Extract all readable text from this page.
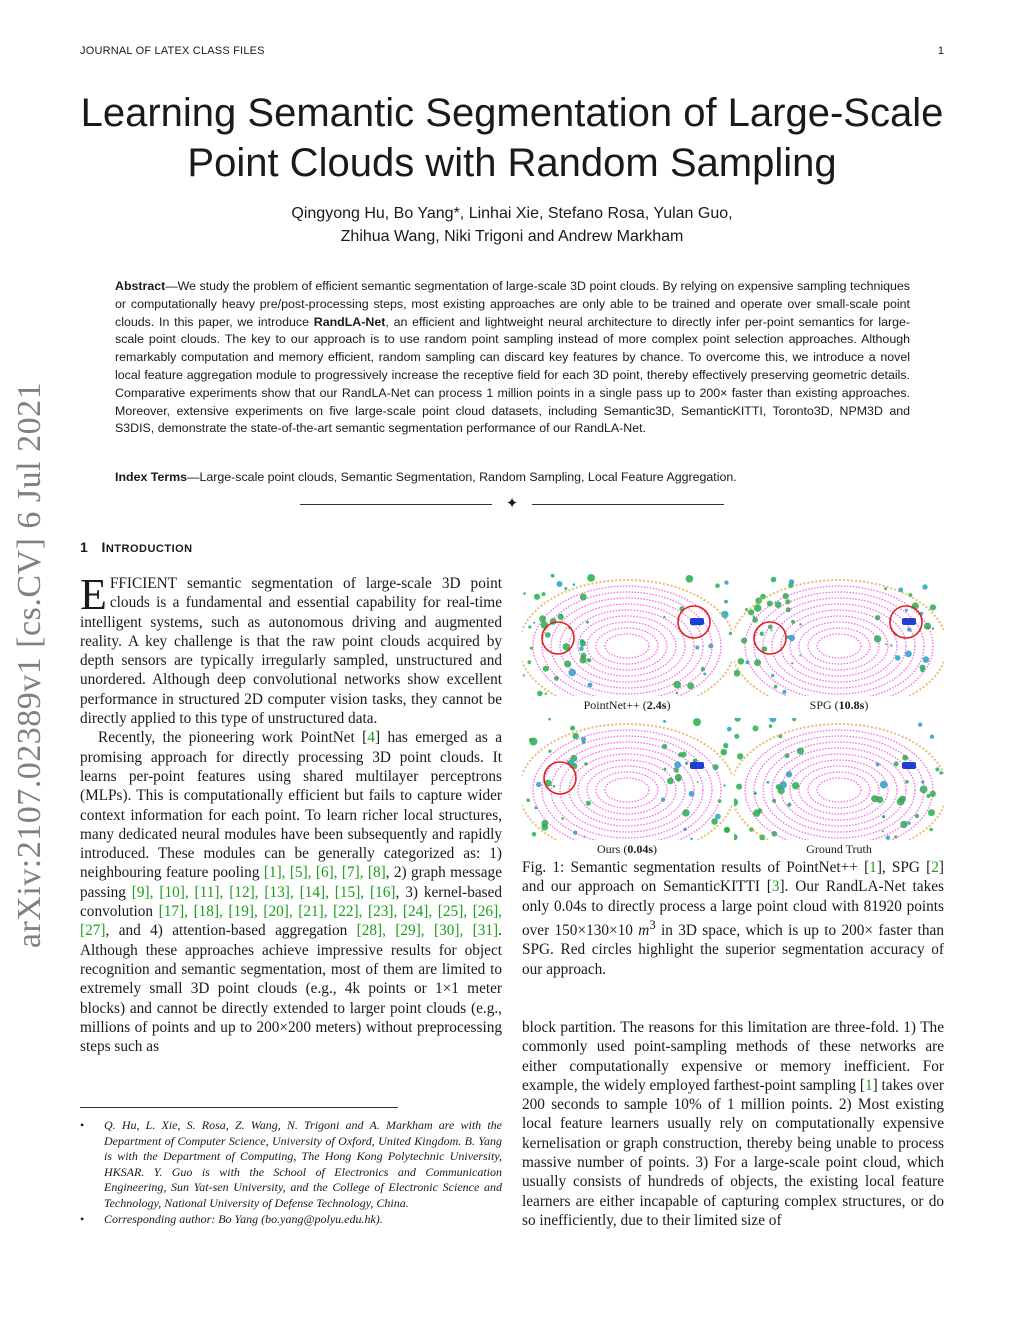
JOURNAL OF LATEX CLASS FILES	1
Learning Semantic Segmentation of Large-Scale Point Clouds with Random Sampling
Qingyong Hu, Bo Yang*, Linhai Xie, Stefano Rosa, Yulan Guo,
Zhihua Wang, Niki Trigoni and Andrew Markham
Abstract—We study the problem of efficient semantic segmentation of large-scale 3D point clouds. By relying on expensive sampling techniques or computationally heavy pre/post-processing steps, most existing approaches are only able to be trained and operate over small-scale point clouds. In this paper, we introduce RandLA-Net, an efficient and lightweight neural architecture to directly infer per-point semantics for large-scale point clouds. The key to our approach is to use random point sampling instead of more complex point selection approaches. Although remarkably computation and memory efficient, random sampling can discard key features by chance. To overcome this, we introduce a novel local feature aggregation module to progressively increase the receptive field for each 3D point, thereby effectively preserving geometric details. Comparative experiments show that our RandLA-Net can process 1 million points in a single pass up to 200× faster than existing approaches. Moreover, extensive experiments on five large-scale point cloud datasets, including Semantic3D, SemanticKITTI, Toronto3D, NPM3D and S3DIS, demonstrate the state-of-the-art semantic segmentation performance of our RandLA-Net.
Index Terms—Large-scale point clouds, Semantic Segmentation, Random Sampling, Local Feature Aggregation.
✦
1 INTRODUCTION

EFFICIENT semantic segmentation of large-scale 3D point clouds is a fundamental and essential capability for real-time intelligent systems, such as autonomous driving and augmented reality. A key challenge is that the raw point clouds acquired by depth sensors are typically irregularly sampled, unstructured and unordered. Although deep convolutional networks show excellent performance in structured 2D computer vision tasks, they cannot be directly applied to this type of unstructured data.

Recently, the pioneering work PointNet [4] has emerged as a promising approach for directly processing 3D point clouds. It learns per-point features using shared multilayer perceptrons (MLPs). This is computationally efficient but fails to capture wider context information for each point. To learn richer local structures, many dedicated neural modules have been subsequently and rapidly introduced. These modules can be generally categorized as: 1) neighbouring feature pooling [1], [5], [6], [7], [8], 2) graph message passing [9], [10], [11], [12], [13], [14], [15], [16], 3) kernel-based convolution [17], [18], [19], [20], [21], [22], [23], [24], [25], [26], [27], and 4) attention-based aggregation [28], [29], [30], [31]. Although these approaches achieve impressive results for object recognition and semantic segmentation, most of them are limited to extremely small 3D point clouds (e.g., 4k points or 1×1 meter blocks) and cannot be directly extended to larger point clouds (e.g., millions of points and up to 200×200 meters) without preprocessing steps such as

• Q. Hu, L. Xie, S. Rosa, Z. Wang, N. Trigoni and A. Markham are with the Department of Computer Science, University of Oxford, United Kingdom. B. Yang is with the Department of Computing, The Hong Kong Polytechnic University, HKSAR. Y. Guo is with the School of Electronics and Communication Engineering, Sun Yat-sen University, and the College of Electronic Science and Technology, National University of Defense Technology, China.
• Corresponding author: Bo Yang (bo.yang@polyu.edu.hk).
PointNet++ (2.4s)	SPG (10.8s)
Ours (0.04s)	Ground Truth
Fig. 1: Semantic segmentation results of PointNet++ [1], SPG [2] and our approach on SemanticKITTI [3]. Our RandLA-Net takes only 0.04s to directly process a large point cloud with 81920 points over 150×130×10 $m^3$ in 3D space, which is up to 200× faster than SPG. Red circles highlight the superior segmentation accuracy of our approach.
block partition. The reasons for this limitation are three-fold. 1) The commonly used point-sampling methods of these networks are either computationally expensive or memory inefficient. For example, the widely employed farthest-point sampling [1] takes over 200 seconds to sample 10% of 1 million points. 2) Most existing local feature learners usually rely on computationally expensive kernelisation or graph construction, thereby being unable to process massive number of points. 3) For a large-scale point cloud, which usually consists of hundreds of objects, the existing local feature learners are either incapable of capturing complex structures, or do so inefficiently, due to their limited size of
arXiv:2107.02389v1 [cs.CV] 6 Jul 2021
